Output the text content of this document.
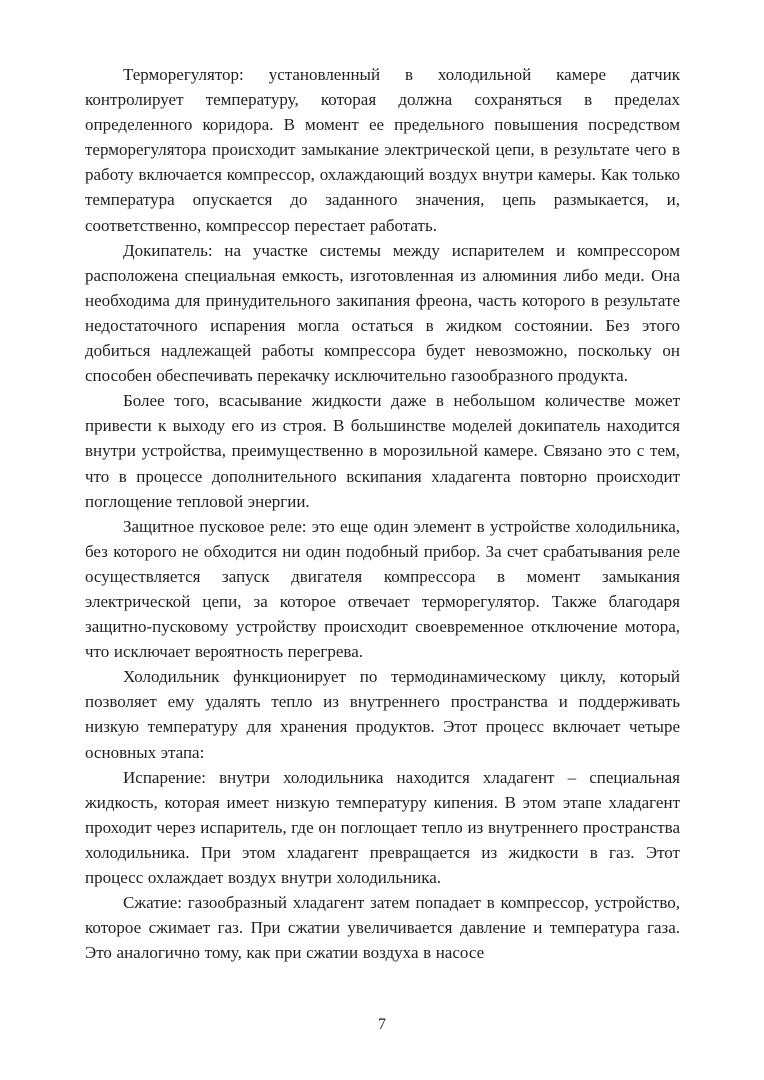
Терморегулятор: установленный в холодильной камере датчик контролирует температуру, которая должна сохраняться в пределах определенного коридора. В момент ее предельного повышения посредством терморегулятора происходит замыкание электрической цепи, в результате чего в работу включается компрессор, охлаждающий воздух внутри камеры. Как только температура опускается до заданного значения, цепь размыкается, и, соответственно, компрессор перестает работать.

Докипатель: на участке системы между испарителем и компрессором расположена специальная емкость, изготовленная из алюминия либо меди. Она необходима для принудительного закипания фреона, часть которого в результате недостаточного испарения могла остаться в жидком состоянии. Без этого добиться надлежащей работы компрессора будет невозможно, поскольку он способен обеспечивать перекачку исключительно газообразного продукта.

Более того, всасывание жидкости даже в небольшом количестве может привести к выходу его из строя. В большинстве моделей докипатель находится внутри устройства, преимущественно в морозильной камере. Связано это с тем, что в процессе дополнительного вскипания хладагента повторно происходит поглощение тепловой энергии.

Защитное пусковое реле: это еще один элемент в устройстве холодильника, без которого не обходится ни один подобный прибор. За счет срабатывания реле осуществляется запуск двигателя компрессора в момент замыкания электрической цепи, за которое отвечает терморегулятор. Также благодаря защитно-пусковому устройству происходит своевременное отключение мотора, что исключает вероятность перегрева.

Холодильник функционирует по термодинамическому циклу, который позволяет ему удалять тепло из внутреннего пространства и поддерживать низкую температуру для хранения продуктов. Этот процесс включает четыре основных этапа:

Испарение: внутри холодильника находится хладагент – специальная жидкость, которая имеет низкую температуру кипения. В этом этапе хладагент проходит через испаритель, где он поглощает тепло из внутреннего пространства холодильника. При этом хладагент превращается из жидкости в газ. Этот процесс охлаждает воздух внутри холодильника.

Сжатие: газообразный хладагент затем попадает в компрессор, устройство, которое сжимает газ. При сжатии увеличивается давление и температура газа. Это аналогично тому, как при сжатии воздуха в насосе

7
